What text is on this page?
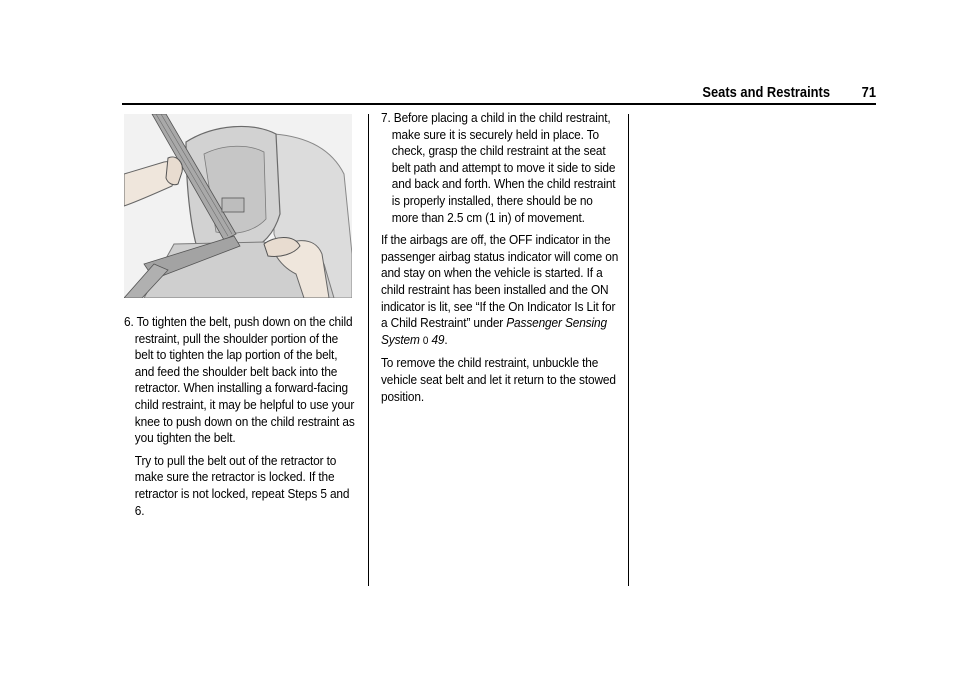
Seats and Restraints	71

6. To tighten the belt, push down on the child restraint, pull the shoulder portion of the belt to tighten the lap portion of the belt, and feed the shoulder belt back into the retractor. When installing a forward-facing child restraint, it may be helpful to use your knee to push down on the child restraint as you tighten the belt.

Try to pull the belt out of the retractor to make sure the retractor is locked. If the retractor is not locked, repeat Steps 5 and 6.

7. Before placing a child in the child restraint, make sure it is securely held in place. To check, grasp the child restraint at the seat belt path and attempt to move it side to side and back and forth. When the child restraint is properly installed, there should be no more than 2.5 cm (1 in) of movement.

If the airbags are off, the OFF indicator in the passenger airbag status indicator will come on and stay on when the vehicle is started. If a child restraint has been installed and the ON indicator is lit, see “If the On Indicator Is Lit for a Child Restraint” under Passenger Sensing System 0 49.

To remove the child restraint, unbuckle the vehicle seat belt and let it return to the stowed position.
